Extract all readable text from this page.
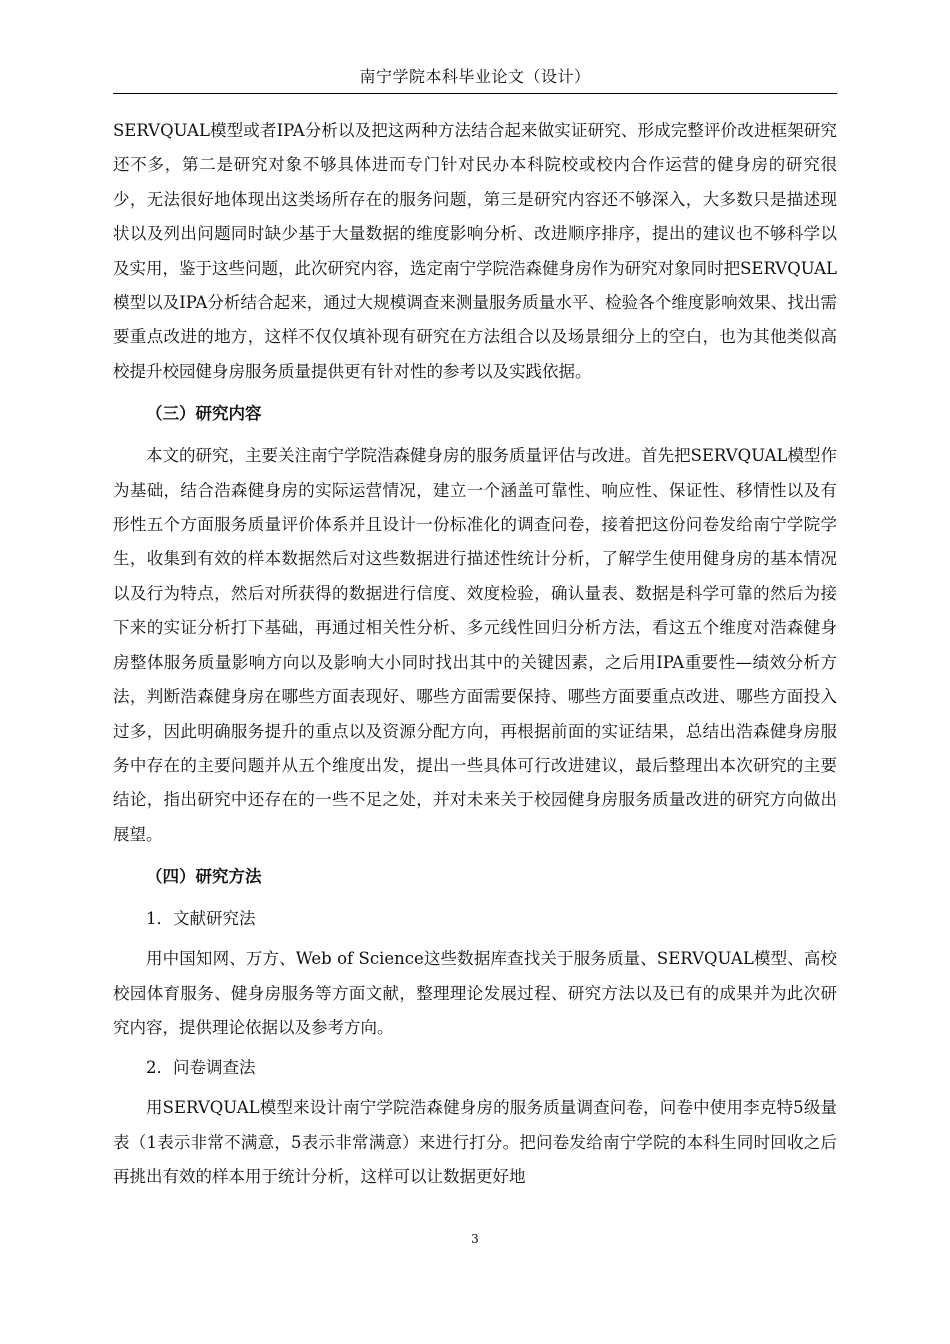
南宁学院本科毕业论文（设计）

SERVQUAL模型或者IPA分析以及把这两种方法结合起来做实证研究、形成完整评价改进框架研究还不多，第二是研究对象不够具体进而专门针对民办本科院校或校内合作运营的健身房的研究很少，无法很好地体现出这类场所存在的服务问题，第三是研究内容还不够深入，大多数只是描述现状以及列出问题同时缺少基于大量数据的维度影响分析、改进顺序排序，提出的建议也不够科学以及实用，鉴于这些问题，此次研究内容，选定南宁学院浩森健身房作为研究对象同时把SERVQUAL模型以及IPA分析结合起来，通过大规模调查来测量服务质量水平、检验各个维度影响效果、找出需要重点改进的地方，这样不仅仅填补现有研究在方法组合以及场景细分上的空白，也为其他类似高校提升校园健身房服务质量提供更有针对性的参考以及实践依据。

（三）研究内容

本文的研究，主要关注南宁学院浩森健身房的服务质量评估与改进。首先把SERVQUAL模型作为基础，结合浩森健身房的实际运营情况，建立一个涵盖可靠性、响应性、保证性、移情性以及有形性五个方面服务质量评价体系并且设计一份标准化的调查问卷，接着把这份问卷发给南宁学院学生，收集到有效的样本数据然后对这些数据进行描述性统计分析，了解学生使用健身房的基本情况以及行为特点，然后对所获得的数据进行信度、效度检验，确认量表、数据是科学可靠的然后为接下来的实证分析打下基础，再通过相关性分析、多元线性回归分析方法，看这五个维度对浩森健身房整体服务质量影响方向以及影响大小同时找出其中的关键因素，之后用IPA重要性—绩效分析方法，判断浩森健身房在哪些方面表现好、哪些方面需要保持、哪些方面要重点改进、哪些方面投入过多，因此明确服务提升的重点以及资源分配方向，再根据前面的实证结果，总结出浩森健身房服务中存在的主要问题并从五个维度出发，提出一些具体可行改进建议，最后整理出本次研究的主要结论，指出研究中还存在的一些不足之处，并对未来关于校园健身房服务质量改进的研究方向做出展望。

（四）研究方法

1．文献研究法

用中国知网、万方、Web of Science这些数据库查找关于服务质量、SERVQUAL模型、高校校园体育服务、健身房服务等方面文献，整理理论发展过程、研究方法以及已有的成果并为此次研究内容，提供理论依据以及参考方向。

2．问卷调查法

用SERVQUAL模型来设计南宁学院浩森健身房的服务质量调查问卷，问卷中使用李克特5级量表（1表示非常不满意，5表示非常满意）来进行打分。把问卷发给南宁学院的本科生同时回收之后再挑出有效的样本用于统计分析，这样可以让数据更好地

3
